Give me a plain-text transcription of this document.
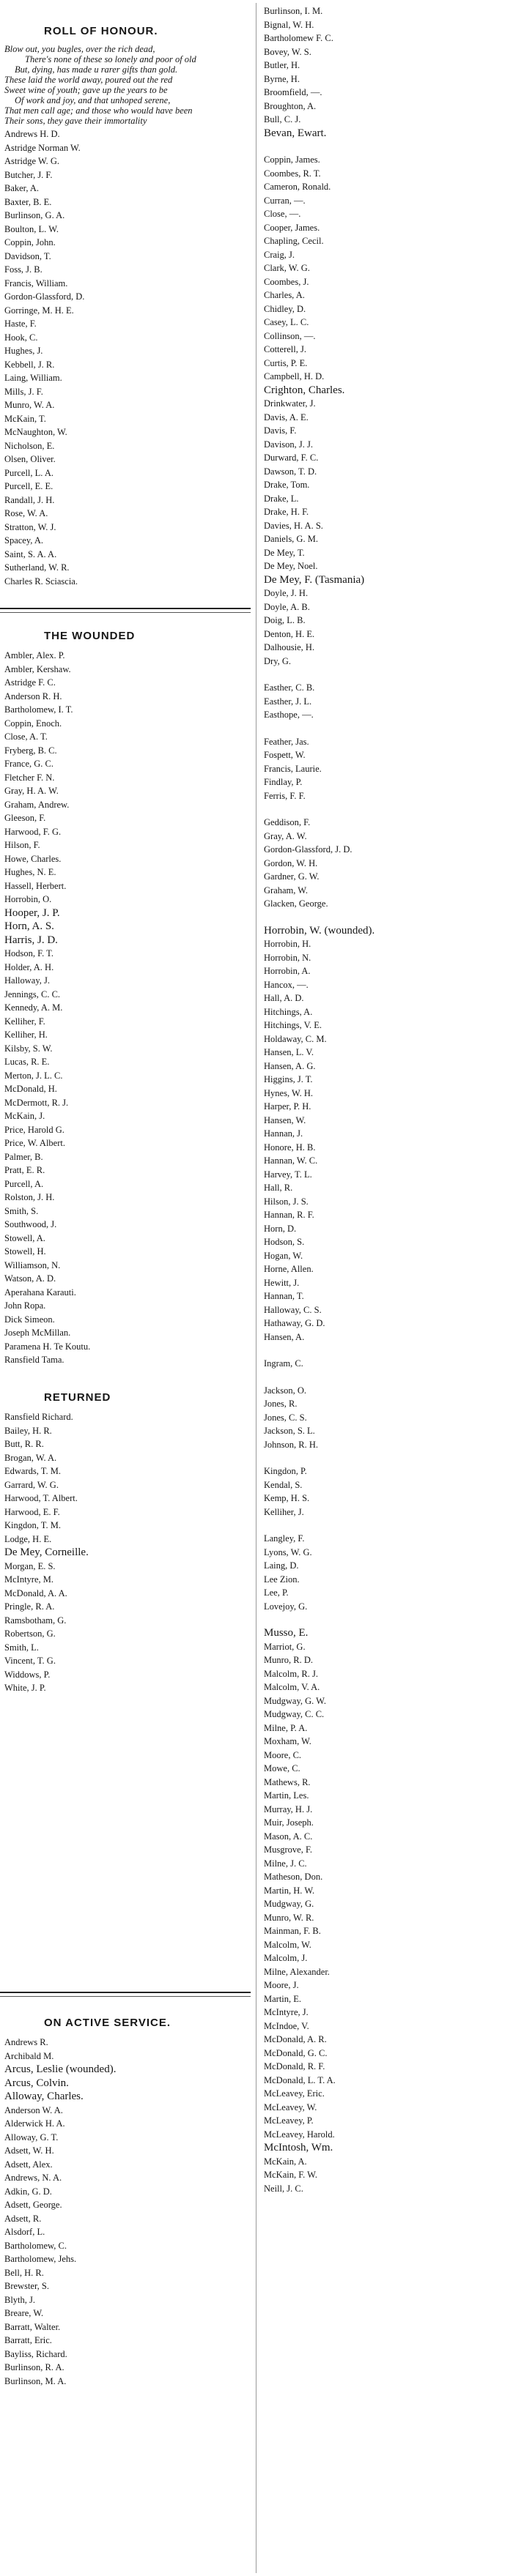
ROLL OF HONOUR.
Blow out, you bugles, over the rich dead,
There's none of these so lonely and poor of old
But, dying, has made u rarer gifts than gold.
These laid the world away, poured out the red
Sweet wine of youth; gave up the years to be
Of work and joy, and that unhoped serene,
That men call age; and those who would have been
Their sons, they gave their immortality
Andrews H. D.
Astridge Norman W.
Astridge W. G.
Butcher, J. F.
Baker, A.
Baxter, B. E.
Burlinson, G. A.
Boulton, L. W.
Coppin, John.
Davidson, T.
Foss, J. B.
Francis, William.
Gordon-Glassford, D.
Gorringe, M. H. E.
Haste, F.
Hook, C.
Hughes, J.
Kebbell, J. R.
Laing, William.
Mills, J. F.
Munro, W. A.
McKain, T.
McNaughton, W.
Nicholson, E.
Olsen, Oliver.
Purcell, L. A.
Purcell, E. E.
Randall, J. H.
Rose, W. A.
Stratton, W. J.
Spacey, A.
Saint, S. A. A.
Sutherland, W. R.
Charles R. Sciascia.
THE WOUNDED
Ambler, Alex. P.
Ambler, Kershaw.
Astridge F. C.
Anderson R. H.
Bartholomew, I. T.
Coppin, Enoch.
Close, A. T.
Fryberg, B. C.
France, G. C.
Fletcher F. N.
Gray, H. A. W.
Graham, Andrew.
Gleeson, F.
Harwood, F. G.
Hilson, F.
Howe, Charles.
Hughes, N. E.
Hassell, Herbert.
Horrobin, O.
Hooper, J. P.
Horn, A. S.
Harris, J. D.
Hodson, F. T.
Holder, A. H.
Halloway, J.
Jennings, C. C.
Kennedy, A. M.
Kelliher, F.
Kelliher, H.
Kilsby, S. W.
Lucas, R. E.
Merton, J. L. C.
McDonald, H.
McDermott, R. J.
McKain, J.
Price, Harold G.
Price, W. Albert.
Palmer, B.
Pratt, E. R.
Purcell, A.
Rolston, J. H.
Smith, S.
Southwood, J.
Stowell, A.
Stowell, H.
Williamson, N.
Watson, A. D.
Aperahana Karauti.
John Ropa.
Dick Simeon.
Joseph McMillan.
Paramena H. Te Koutu.
Ransfield Tama.
RETURNED
Ransfield Richard.
Bailey, H. R.
Butt, R. R.
Brogan, W. A.
Edwards, T. M.
Garrard, W. G.
Harwood, T. Albert.
Harwood, E. F.
Kingdon, T. M.
Lodge, H. E.
De Mey, Corneille.
Morgan, E. S.
McIntyre, M.
McDonald, A. A.
Pringle, R. A.
Ramsbotham, G.
Robertson, G.
Smith, L.
Vincent, T. G.
Widdows, P.
White, J. P.
ON ACTIVE SERVICE.
Andrews R.
Archibald M.
Arcus, Leslie (wounded).
Arcus, Colvin.
Alloway, Charles.
Anderson W. A.
Alderwick H. A.
Alloway, G. T.
Adsett, W. H.
Adsett, Alex.
Andrews, N. A.
Adkin, G. D.
Adsett, George.
Adsett, R.
Alsdorf, L.
Bartholomew, C.
Bartholomew, Jehs.
Bell, H. R.
Brewster, S.
Blyth, J.
Breare, W.
Barratt, Walter.
Barratt, Eric.
Bayliss, Richard.
Burlinson, R. A.
Burlinson, M. A.
Burlinson, I. M.
Bignal, W. H.
Bartholomew F. C.
Bovey, W. S.
Butler, H.
Byrne, H.
Broomfield, —.
Broughton, A.
Bull, C. J.
Bevan, Ewart.
Coppin, James.
Coombes, R. T.
Cameron, Ronald.
Curran, —.
Close, —.
Cooper, James.
Chapling, Cecil.
Craig, J.
Clark, W. G.
Coombes, J.
Charles, A.
Chidley, D.
Casey, L. C.
Collinson, —.
Cotterell, J.
Curtis, P. E.
Campbell, H. D.
Crighton, Charles.
Drinkwater, J.
Davis, A. E.
Davis, F.
Davison, J. J.
Durward, F. C.
Dawson, T. D.
Drake, Tom.
Drake, L.
Drake, H. F.
Davies, H. A. S.
Daniels, G. M.
De Mey, T.
De Mey, Noel.
De Mey, F. (Tasmania)
Doyle, J. H.
Doyle, A. B.
Doig, L. B.
Denton, H. E.
Dalhousie, H.
Dry, G.
Easther, C. B.
Easther, J. L.
Easthope, —.
Feather, Jas.
Fospett, W.
Francis, Laurie.
Findlay, P.
Ferris, F. F.
Geddison, F.
Gray, A. W.
Gordon-Glassford, J. D.
Gordon, W. H.
Gardner, G. W.
Graham, W.
Glacken, George.
Horrobin, W. (wounded).
Horrobin, H.
Horrobin, N.
Horrobin, A.
Hancox, —.
Hall, A. D.
Hitchings, A.
Hitchings, V. E.
Holdaway, C. M.
Hansen, L. V.
Hansen, A. G.
Higgins, J. T.
Hynes, W. H.
Harper, P. H.
Hansen, W.
Hannan, J.
Honore, H. B.
Hannan, W. C.
Harvey, T. L.
Hall, R.
Hilson, J. S.
Hannan, R. F.
Horn, D.
Hodson, S.
Hogan, W.
Horne, Allen.
Hewitt, J.
Hannan, T.
Halloway, C. S.
Hathaway, G. D.
Hansen, A.
Ingram, C.
Jackson, O.
Jones, R.
Jones, C. S.
Jackson, S. L.
Johnson, R. H.
Kingdon, P.
Kendal, S.
Kemp, H. S.
Kelliher, J.
Langley, F.
Lyons, W. G.
Laing, D.
Lee Zion.
Lee, P.
Lovejoy, G.
Musso, E.
Marriot, G.
Munro, R. D.
Malcolm, R. J.
Malcolm, V. A.
Mudgway, G. W.
Mudgway, C. C.
Milne, P. A.
Moxham, W.
Moore, C.
Mowe, C.
Mathews, R.
Martin, Les.
Murray, H. J.
Muir, Joseph.
Mason, A. C.
Musgrove, F.
Milne, J. C.
Matheson, Don.
Martin, H. W.
Mudgway, G.
Munro, W. R.
Mainman, F. B.
Malcolm, W.
Malcolm, J.
Milne, Alexander.
Moore, J.
Martin, E.
McIntyre, J.
McIndoe, V.
McDonald, A. R.
McDonald, G. C.
McDonald, R. F.
McDonald, L. T. A.
McLeavey, Eric.
McLeavey, W.
McLeavey, P.
McLeavey, Harold.
McIntosh, Wm.
McKain, A.
McKain, F. W.
Neill, J. C.
